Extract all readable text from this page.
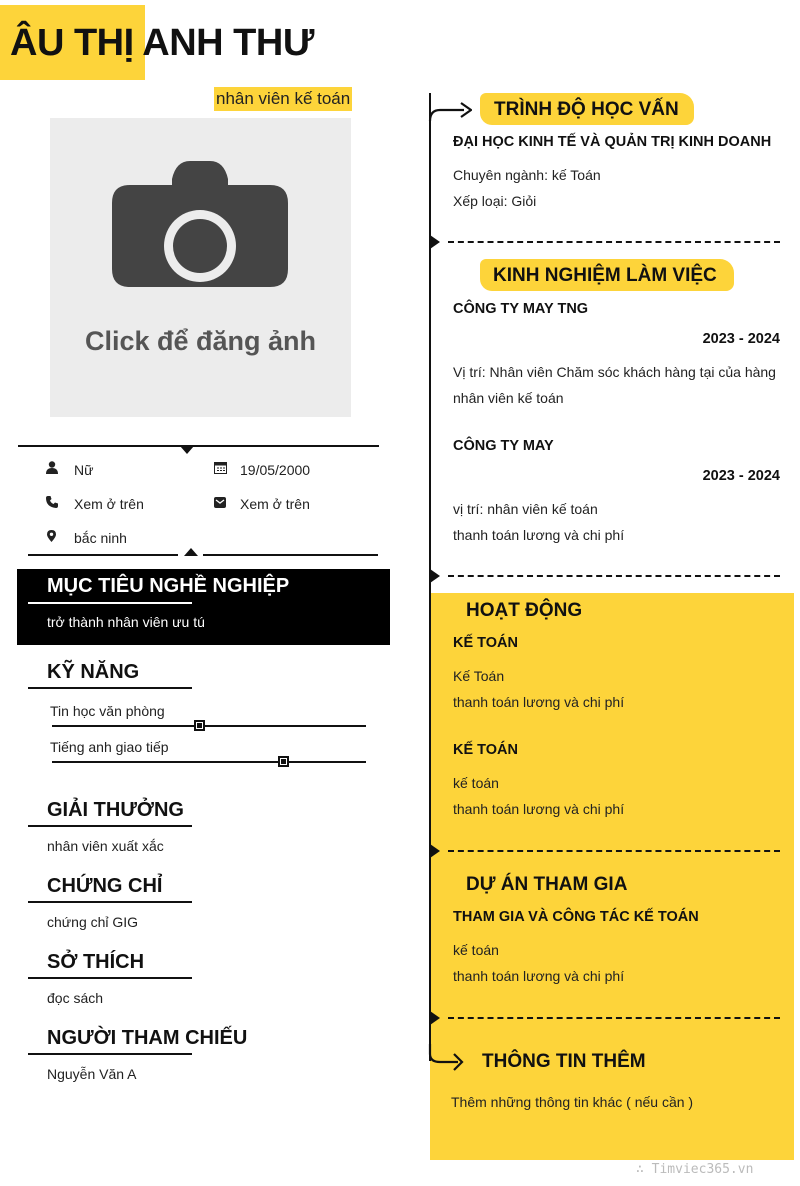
ÂU THỊ ANH THƯ
nhân viên kế toán
Click để đăng ảnh
Nữ	19/05/2000
Xem ở trên	Xem ở trên
bắc ninh
MỤC TIÊU NGHỀ NGHIỆP
trở thành nhân viên ưu tú
KỸ NĂNG
Tin học văn phòng
Tiếng anh giao tiếp
GIẢI THƯỞNG
nhân viên xuất xắc
CHỨNG CHỈ
chứng chỉ GIG
SỞ THÍCH
đọc sách
NGƯỜI THAM CHIẾU
Nguyễn Văn A
TRÌNH ĐỘ HỌC VẤN
ĐẠI HỌC KINH TẾ VÀ QUẢN TRỊ KINH DOANH
Chuyên ngành: kế Toán
Xếp loại: Giỏi
KINH NGHIỆM LÀM VIỆC
CÔNG TY MAY TNG
2023 - 2024
Vị trí: Nhân viên Chăm sóc khách hàng tại của hàng
nhân viên kế toán
CÔNG TY MAY
2023 - 2024
vị trí: nhân viên kế toán
thanh toán lương và chi phí
HOẠT ĐỘNG
KẾ TOÁN
Kế Toán
thanh toán lương và chi phí
KẾ TOÁN
kế toán
thanh toán lương và chi phí
DỰ ÁN THAM GIA
THAM GIA VÀ CÔNG TÁC KẾ TOÁN
kế toán
thanh toán lương và chi phí
THÔNG TIN THÊM
Thêm những thông tin khác ( nếu cần )
∴ Timviec365.vn
